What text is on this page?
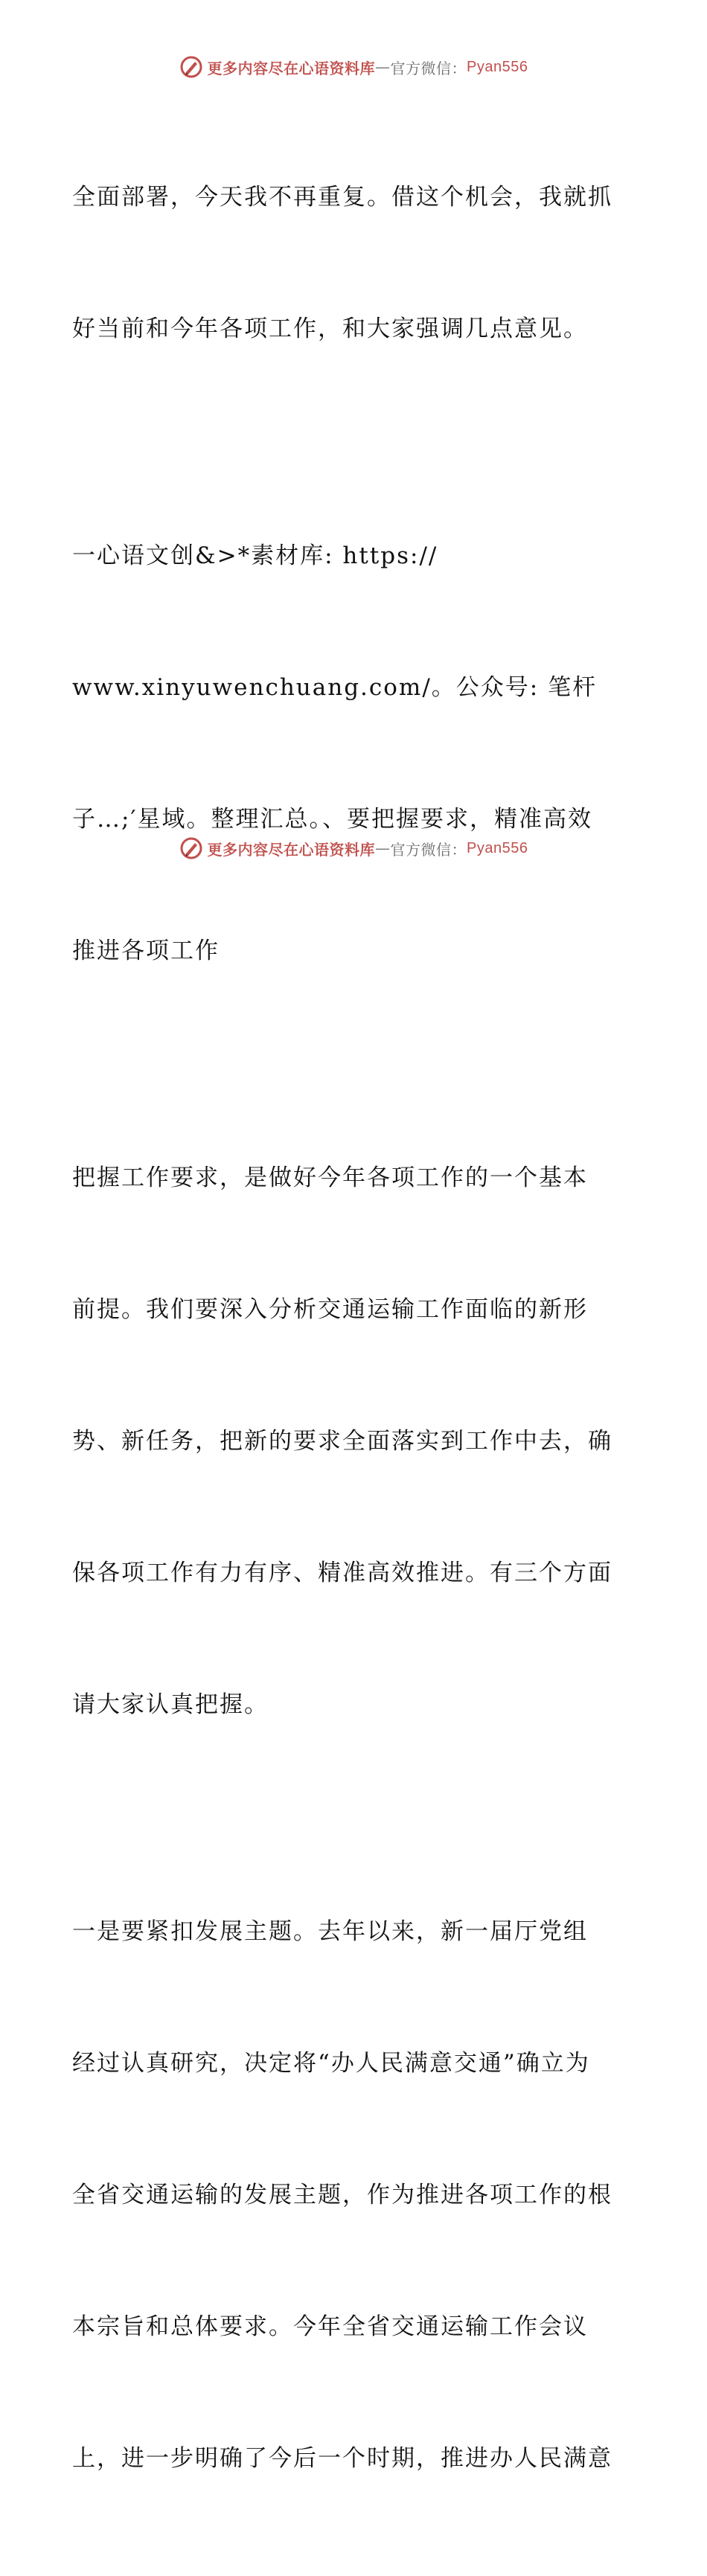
更多内容尽在心语资料库 — 官方微信： Pyan556

全面部署，今天我不再重复。借这个机会，我就抓

好当前和今年各项工作，和大家强调几点意见。

一心语文创&>*素材库: https://

www.xinyuwenchuang.com/。公众号: 笔杆

子…;′星域。整理汇总。、要把握要求，精准高效

推进各项工作

把握工作要求，是做好今年各项工作的一个基本

前提。我们要深入分析交通运输工作面临的新形

势、新任务，把新的要求全面落实到工作中去，确

保各项工作有力有序、精准高效推进。有三个方面

请大家认真把握。

一是要紧扣发展主题。去年以来，新一届厅党组

经过认真研究，决定将“办人民满意交通”确立为

全省交通运输的发展主题，作为推进各项工作的根

本宗旨和总体要求。今年全省交通运输工作会议

上，进一步明确了今后一个时期，推进办人民满意

更多内容尽在心语资料库 — 官方微信： Pyan556
